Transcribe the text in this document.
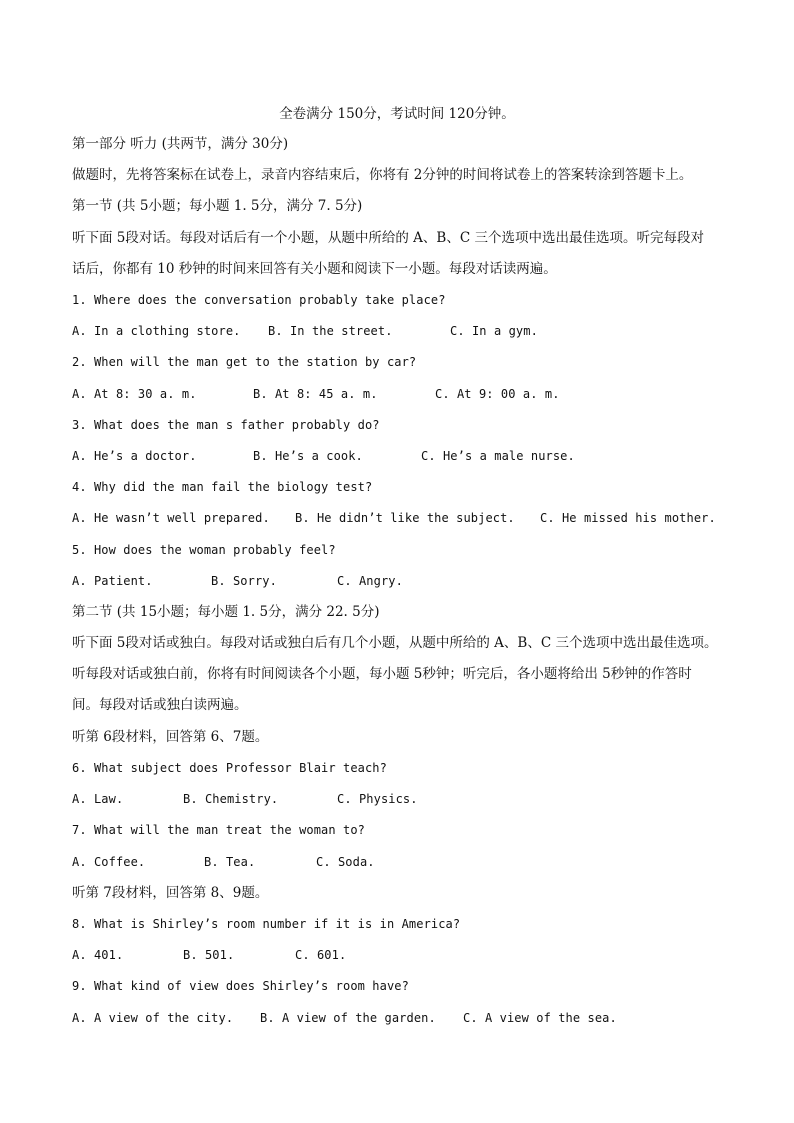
全卷满分 150分，考试时间 120分钟。
第一部分 听力 (共两节，满分 30分)
做题时，先将答案标在试卷上，录音内容结束后，你将有 2分钟的时间将试卷上的答案转涂到答题卡上。
第一节 (共 5小题；每小题 1. 5分，满分 7. 5分)
听下面 5段对话。每段对话后有一个小题，从题中所给的 A、B、C 三个选项中选出最佳选项。听完每段对
话后，你都有 10 秒钟的时间来回答有关小题和阅读下一小题。每段对话读两遍。
1. Where does the conversation probably take place?
A. In a clothing store. B. In the street.	C. In a gym.
2. When will the man get to the station by car?
A. At 8: 30 a. m.	B. At 8: 45 a. m.	C. At 9: 00 a. m.
3. What does the man s father probably do?
A. He’s a doctor.	B. He’s a cook.	C. He’s a male nurse.
4. Why did the man fail the biology test?
A. He wasn’t well prepared. B. He didn’t like the subject. C. He missed his mother.
5. How does the woman probably feel?
A. Patient.	B. Sorry.	C. Angry.
第二节 (共 15小题；每小题 1. 5分，满分 22. 5分)
听下面 5段对话或独白。每段对话或独白后有几个小题，从题中所给的 A、B、C 三个选项中选出最佳选项。
听每段对话或独白前，你将有时间阅读各个小题，每小题 5秒钟；听完后，各小题将给出 5秒钟的作答时
间。每段对话或独白读两遍。
听第 6段材料，回答第 6、7题。
6. What subject does Professor Blair teach?
A. Law.	B. Chemistry.	C. Physics.
7. What will the man treat the woman to?
A. Coffee.	B. Tea.	C. Soda.
听第 7段材料，回答第 8、9题。
8. What is Shirley’s room number if it is in America?
A. 401.	B. 501.	C. 601.
9. What kind of view does Shirley’s room have?
A. A view of the city. B. A view of the garden. C. A view of the sea.
